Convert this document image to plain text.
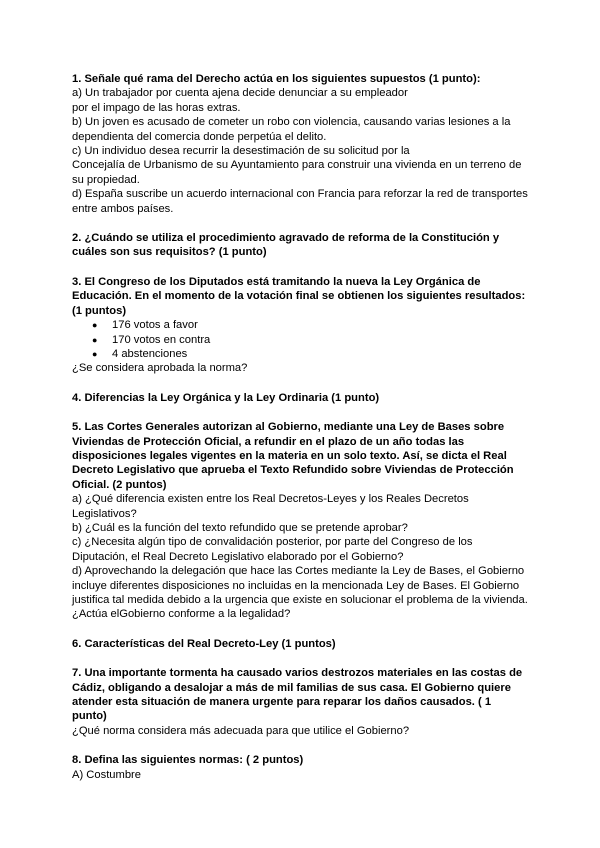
1. Señale qué rama del Derecho actúa en los siguientes supuestos (1 punto):

a) Un trabajador por cuenta ajena decide denunciar a su empleador

por el impago de las horas extras.

b) Un joven es acusado de cometer un robo con violencia, causando varias lesiones a la

dependienta del comercia donde perpetúa el delito.

c) Un individuo desea recurrir la desestimación de su solicitud por la

Concejalía de Urbanismo de su Ayuntamiento para construir una vivienda en un terreno de

su propiedad.

d) España suscribe un acuerdo internacional con Francia para reforzar la red de transportes

entre ambos países.

2. ¿Cuándo se utiliza el procedimiento agravado de reforma de la Constitución y cuáles son sus requisitos? (1 punto)

3. El Congreso de los Diputados está tramitando la nueva la Ley Orgánica de Educación. En el momento de la votación final se obtienen los siguientes resultados: (1 puntos)

● 176 votos a favor
● 170 votos en contra
● 4 abstenciones

¿Se considera aprobada la norma?

4. Diferencias la Ley Orgánica y la Ley Ordinaria (1 punto)

5. Las Cortes Generales autorizan al Gobierno, mediante una Ley de Bases sobre Viviendas de Protección Oficial, a refundir en el plazo de un año todas las disposiciones legales vigentes en la materia en un solo texto. Así, se dicta el Real Decreto Legislativo que aprueba el Texto Refundido sobre Viviendas de Protección Oficial. (2 puntos)

a) ¿Qué diferencia existen entre los Real Decretos-Leyes y los Reales Decretos

Legislativos?

b) ¿Cuál es la función del texto refundido que se pretende aprobar?

c) ¿Necesita algún tipo de convalidación posterior, por parte del Congreso de los

Diputación, el Real Decreto Legislativo elaborado por el Gobierno?

d) Aprovechando la delegación que hace las Cortes mediante la Ley de Bases, el Gobierno

incluye diferentes disposiciones no incluidas en la mencionada Ley de Bases. El Gobierno

justifica tal medida debido a la urgencia que existe en solucionar el problema de la vivienda.

¿Actúa elGobierno conforme a la legalidad?

6. Características del Real Decreto-Ley (1 puntos)

7. Una importante tormenta ha causado varios destrozos materiales en las costas de Cádiz, obligando a desalojar a más de mil familias de sus casa. El Gobierno quiere atender esta situación de manera urgente para reparar los daños causados. ( 1 punto)

¿Qué norma considera más adecuada para que utilice el Gobierno?

8. Defina las siguientes normas: ( 2 puntos)

A) Costumbre
